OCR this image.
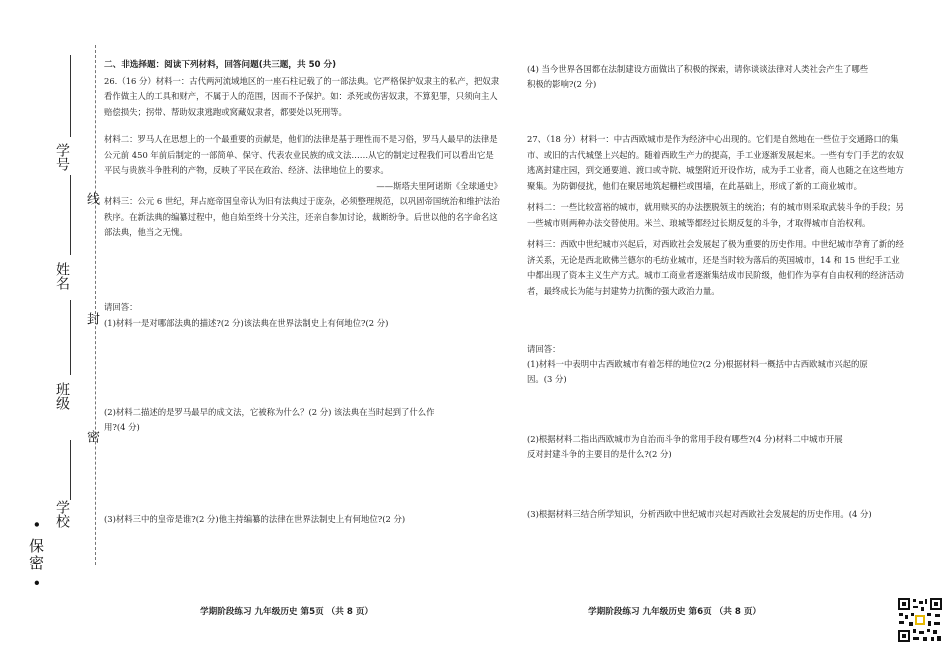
• 保密 •
学校
班级
姓名
学号
密
封
线

二、非选择题：阅读下列材料，回答问题(共三题，共 50 分)

26.（16 分）材料一：古代两河流域地区的一座石柱记载了的一部法典。它严格保护奴隶主的私产，把奴隶看作做主人的工具和财产，不属于人的范围，因而不予保护。如：杀死或伤害奴隶，不算犯罪，只须向主人赔偿损失；拐带、帮助奴隶逃跑或窝藏奴隶者，都要处以死刑等。

材料二：罗马人在思想上的一个最重要的贡献是，他们的法律是基于理性而不是习俗，罗马人最早的法律是公元前 450 年前后制定的一部简单、保守、代表农业民族的成文法……从它的制定过程我们可以看出它是平民与贵族斗争胜利的产物，反映了平民在政治、经济、法律地位上的要求。

——斯塔夫里阿诺斯《全球通史》

材料三：公元 6 世纪，拜占庭帝国皇帝认为旧有法典过于庞杂，必须整理规范，以巩固帝国统治和维护法治秩序。在新法典的编纂过程中，他自始至终十分关注，还亲自参加讨论，裁断纷争。后世以他的名字命名这部法典，他当之无愧。

请回答：
(1)材料一是对哪部法典的描述?(2 分)该法典在世界法制史上有何地位?(2 分)
(2)材料二描述的是罗马最早的成文法，它被称为什么？(2 分) 该法典在当时起到了什么作
用?(4 分)
(3)材料三中的皇帝是谁?(2 分)他主持编纂的法律在世界法制史上有何地位?(2 分)
学期阶段练习 九年级历史 第5页 （共 8 页）
(4) 当今世界各国都在法制建设方面做出了积极的探索，请你谈谈法律对人类社会产生了哪些
积极的影响?(2 分)

27、（18 分）材料一：中古西欧城市是作为经济中心出现的。它们是自然地在一些位于交通路口的集市、或旧的古代城堡上兴起的。随着西欧生产力的提高，手工业逐渐发展起来。一些有专门手艺的农奴逃离封建庄园，到交通要道、渡口或寺院、城堡附近开设作坊，成为手工业者，商人也随之在这些地方聚集。为防御侵扰，他们在聚居地筑起栅栏或围墙，在此基础上，形成了新的工商业城市。

材料二：一些比较富裕的城市，就用赎买的办法摆脱领主的统治；有的城市则采取武装斗争的手段；另一些城市则两种办法交替使用。米兰、琅城等都经过长期反复的斗争，才取得城市自治权利。

材料三：西欧中世纪城市兴起后，对西欧社会发展起了极为重要的历史作用。中世纪城市孕育了新的经济关系，无论是西北欧佛兰德尔的毛纺业城市，还是当时较为落后的英国城市，14 和 15 世纪手工业中都出现了资本主义生产方式。城市工商业者逐渐集结成市民阶级，他们作为享有自由权利的经济活动者，最终成长为能与封建势力抗衡的强大政治力量。

请回答：
(1)材料一中表明中古西欧城市有着怎样的地位?(2 分)根据材料一概括中古西欧城市兴起的原
因。(3 分)
(2)根据材料二指出西欧城市为自治而斗争的常用手段有哪些?(4 分)材料二中城市开展
反对封建斗争的主要目的是什么?(2 分)
(3)根据材料三结合所学知识，分析西欧中世纪城市兴起对西欧社会发展起的历史作用。(4 分)
学期阶段练习 九年级历史 第6页 （共 8 页）
